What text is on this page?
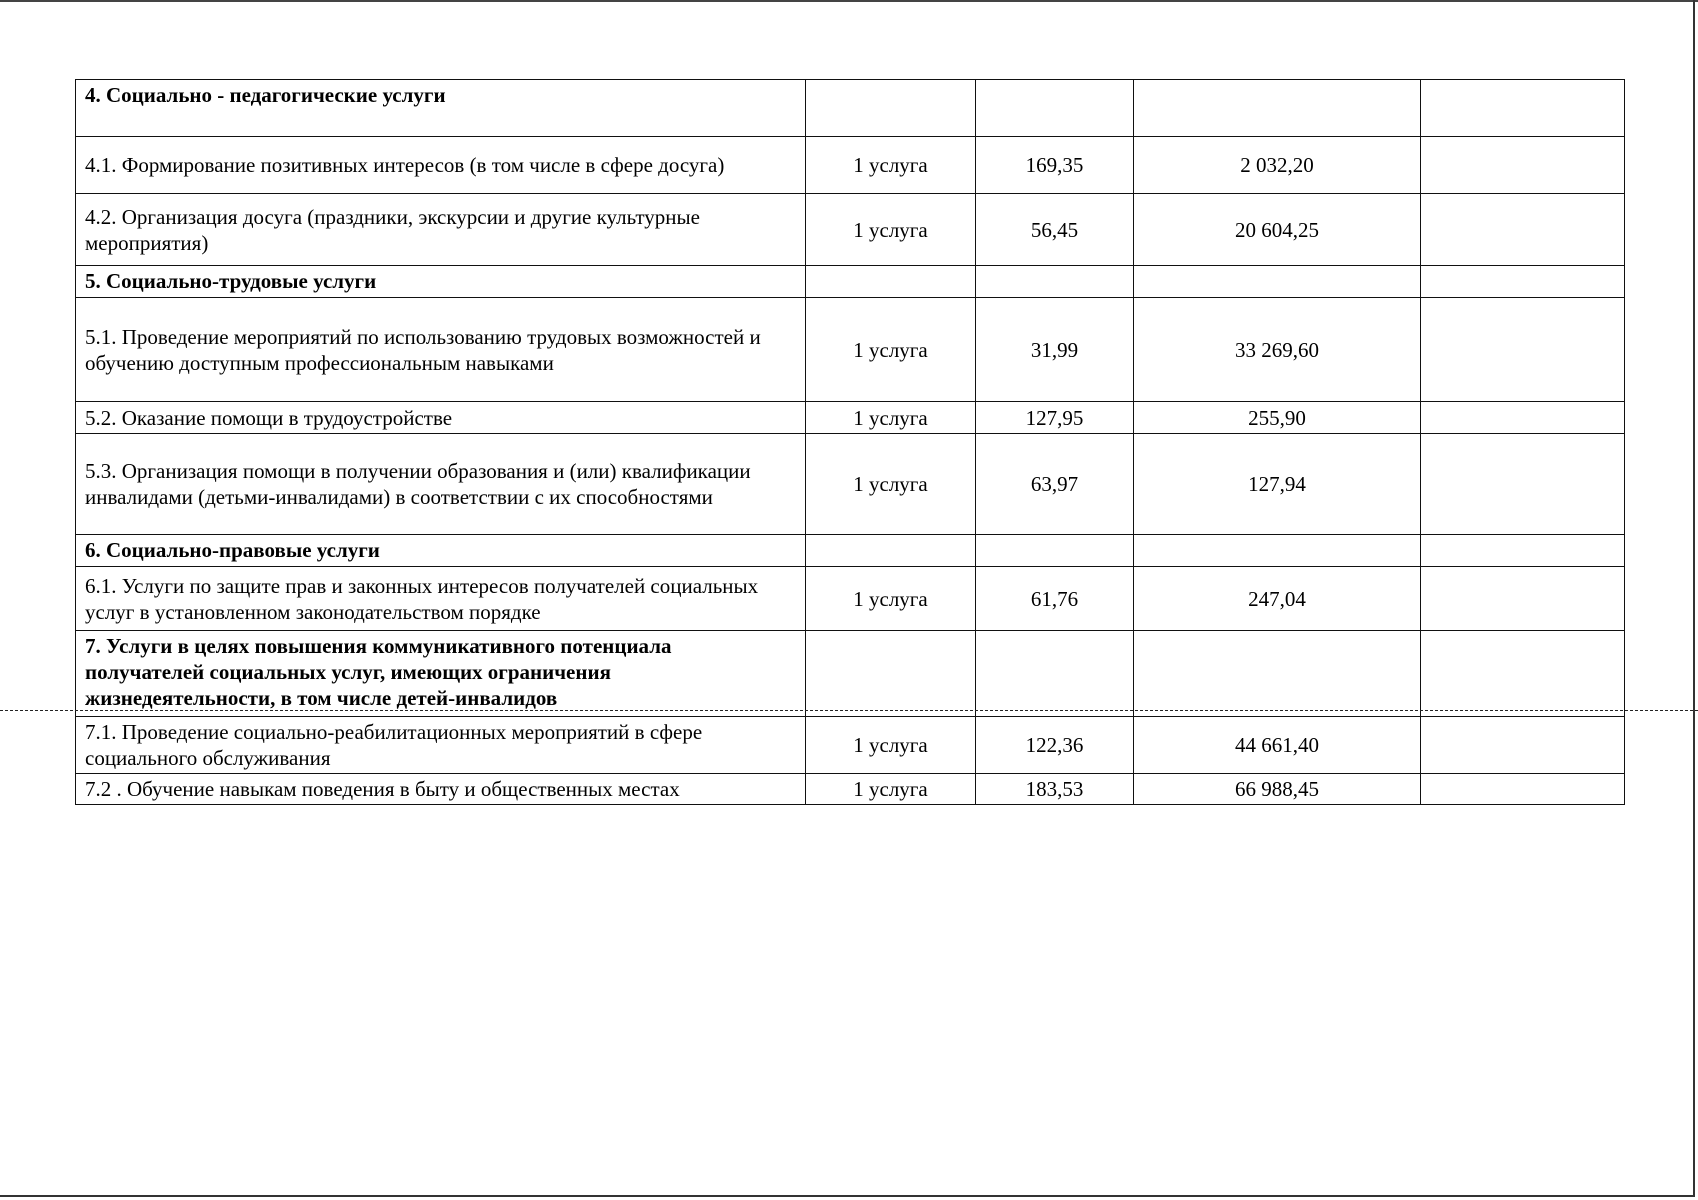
4. Социально - педагогические услуги				
4.1. Формирование позитивных интересов (в том числе в сфере досуга)	1 услуга	169,35	2 032,20	
4.2. Организация досуга (праздники, экскурсии и другие культурные мероприятия)	1 услуга	56,45	20 604,25	
5. Социально-трудовые услуги				
5.1. Проведение мероприятий по использованию трудовых возможностей и обучению доступным профессиональным навыками	1 услуга	31,99	33 269,60	
5.2. Оказание помощи в трудоустройстве	1 услуга	127,95	255,90	
5.3. Организация помощи в получении образования и (или) квалификации инвалидами (детьми-инвалидами) в соответствии с их способностями	1 услуга	63,97	127,94	
6. Социально-правовые услуги				
6.1. Услуги по защите прав и законных интересов получателей социальных услуг в установленном законодательством порядке	1 услуга	61,76	247,04	
7. Услуги в целях повышения коммуникативного потенциала получателей социальных услуг, имеющих ограничения жизнедеятельности, в том числе детей-инвалидов				
7.1. Проведение социально-реабилитационных мероприятий в сфере социального обслуживания	1 услуга	122,36	44 661,40	
7.2 . Обучение навыкам поведения в быту и общественных местах	1 услуга	183,53	66 988,45	
